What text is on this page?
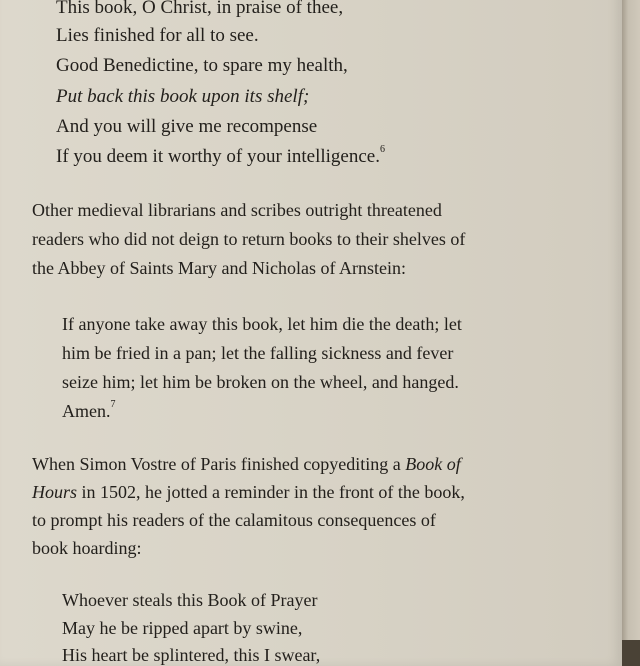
This book, O Christ, in praise of thee,
Lies finished for all to see.
Good Benedictine, to spare my health,
Put back this book upon its shelf;
And you will give me recompense
If you deem it worthy of your intelligence.$^6$
Other medieval librarians and scribes outright threatened
readers who did not deign to return books to their shelves of
the Abbey of Saints Mary and Nicholas of Arnstein:
If anyone take away this book, let him die the death; let
him be fried in a pan; let the falling sickness and fever
seize him; let him be broken on the wheel, and hanged.
Amen.$^7$
When Simon Vostre of Paris finished copyediting a Book of
Hours in 1502, he jotted a reminder in the front of the book,
to prompt his readers of the calamitous consequences of
book hoarding:
Whoever steals this Book of Prayer
May he be ripped apart by swine,
His heart be splintered, this I swear,
